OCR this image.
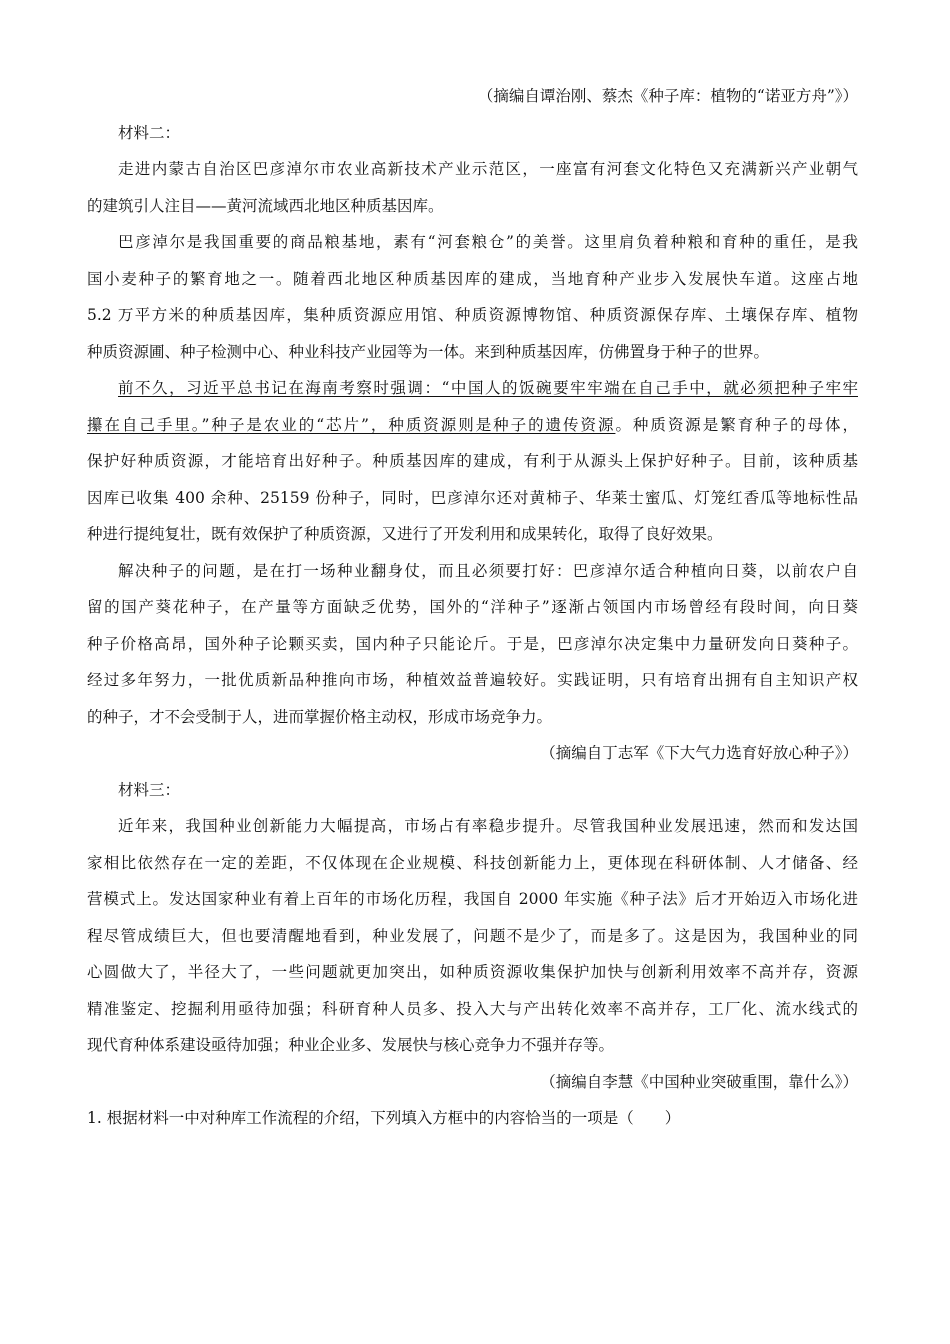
（摘编自谭治刚、蔡杰《种子库：植物的“诺亚方舟”》）

材料二：

走进内蒙古自治区巴彦淖尔市农业高新技术产业示范区，一座富有河套文化特色又充满新兴产业朝气

的建筑引人注目——黄河流域西北地区种质基因库。

巴彦淖尔是我国重要的商品粮基地，素有“河套粮仓”的美誉。这里肩负着种粮和育种的重任，是我

国小麦种子的繁育地之一。随着西北地区种质基因库的建成，当地育种产业步入发展快车道。这座占地

5.2 万平方米的种质基因库，集种质资源应用馆、种质资源博物馆、种质资源保存库、土壤保存库、植物

种质资源圃、种子检测中心、种业科技产业园等为一体。来到种质基因库，仿佛置身于种子的世界。

前不久，习近平总书记在海南考察时强调：“中国人的饭碗要牢牢端在自己手中，就必须把种子牢牢

攥在自己手里。”种子是农业的“芯片”，种质资源则是种子的遗传资源。种质资源是繁育种子的母体，

保护好种质资源，才能培育出好种子。种质基因库的建成，有利于从源头上保护好种子。目前，该种质基

因库已收集 400 余种、25159 份种子，同时，巴彦淖尔还对黄柿子、华莱士蜜瓜、灯笼红香瓜等地标性品

种进行提纯复壮，既有效保护了种质资源，又进行了开发利用和成果转化，取得了良好效果。

解决种子的问题，是在打一场种业翻身仗，而且必须要打好：巴彦淖尔适合种植向日葵，以前农户自

留的国产葵花种子，在产量等方面缺乏优势，国外的“洋种子”逐渐占领国内市场曾经有段时间，向日葵

种子价格高昂，国外种子论颗买卖，国内种子只能论斤。于是，巴彦淖尔决定集中力量研发向日葵种子。

经过多年努力，一批优质新品种推向市场，种植效益普遍较好。实践证明，只有培育出拥有自主知识产权

的种子，才不会受制于人，进而掌握价格主动权，形成市场竞争力。

（摘编自丁志军《下大气力选育好放心种子》）

材料三：

近年来，我国种业创新能力大幅提高，市场占有率稳步提升。尽管我国种业发展迅速，然而和发达国

家相比依然存在一定的差距，不仅体现在企业规模、科技创新能力上，更体现在科研体制、人才储备、经

营模式上。发达国家种业有着上百年的市场化历程，我国自 2000 年实施《种子法》后才开始迈入市场化进

程尽管成绩巨大，但也要清醒地看到，种业发展了，问题不是少了，而是多了。这是因为，我国种业的同

心圆做大了，半径大了，一些问题就更加突出，如种质资源收集保护加快与创新利用效率不高并存，资源

精准鉴定、挖掘利用亟待加强；科研育种人员多、投入大与产出转化效率不高并存，工厂化、流水线式的

现代育种体系建设亟待加强；种业企业多、发展快与核心竞争力不强并存等。

（摘编自李慧《中国种业突破重围，靠什么》）

1. 根据材料一中对种库工作流程的介绍，下列填入方框中的内容恰当的一项是（　　）
